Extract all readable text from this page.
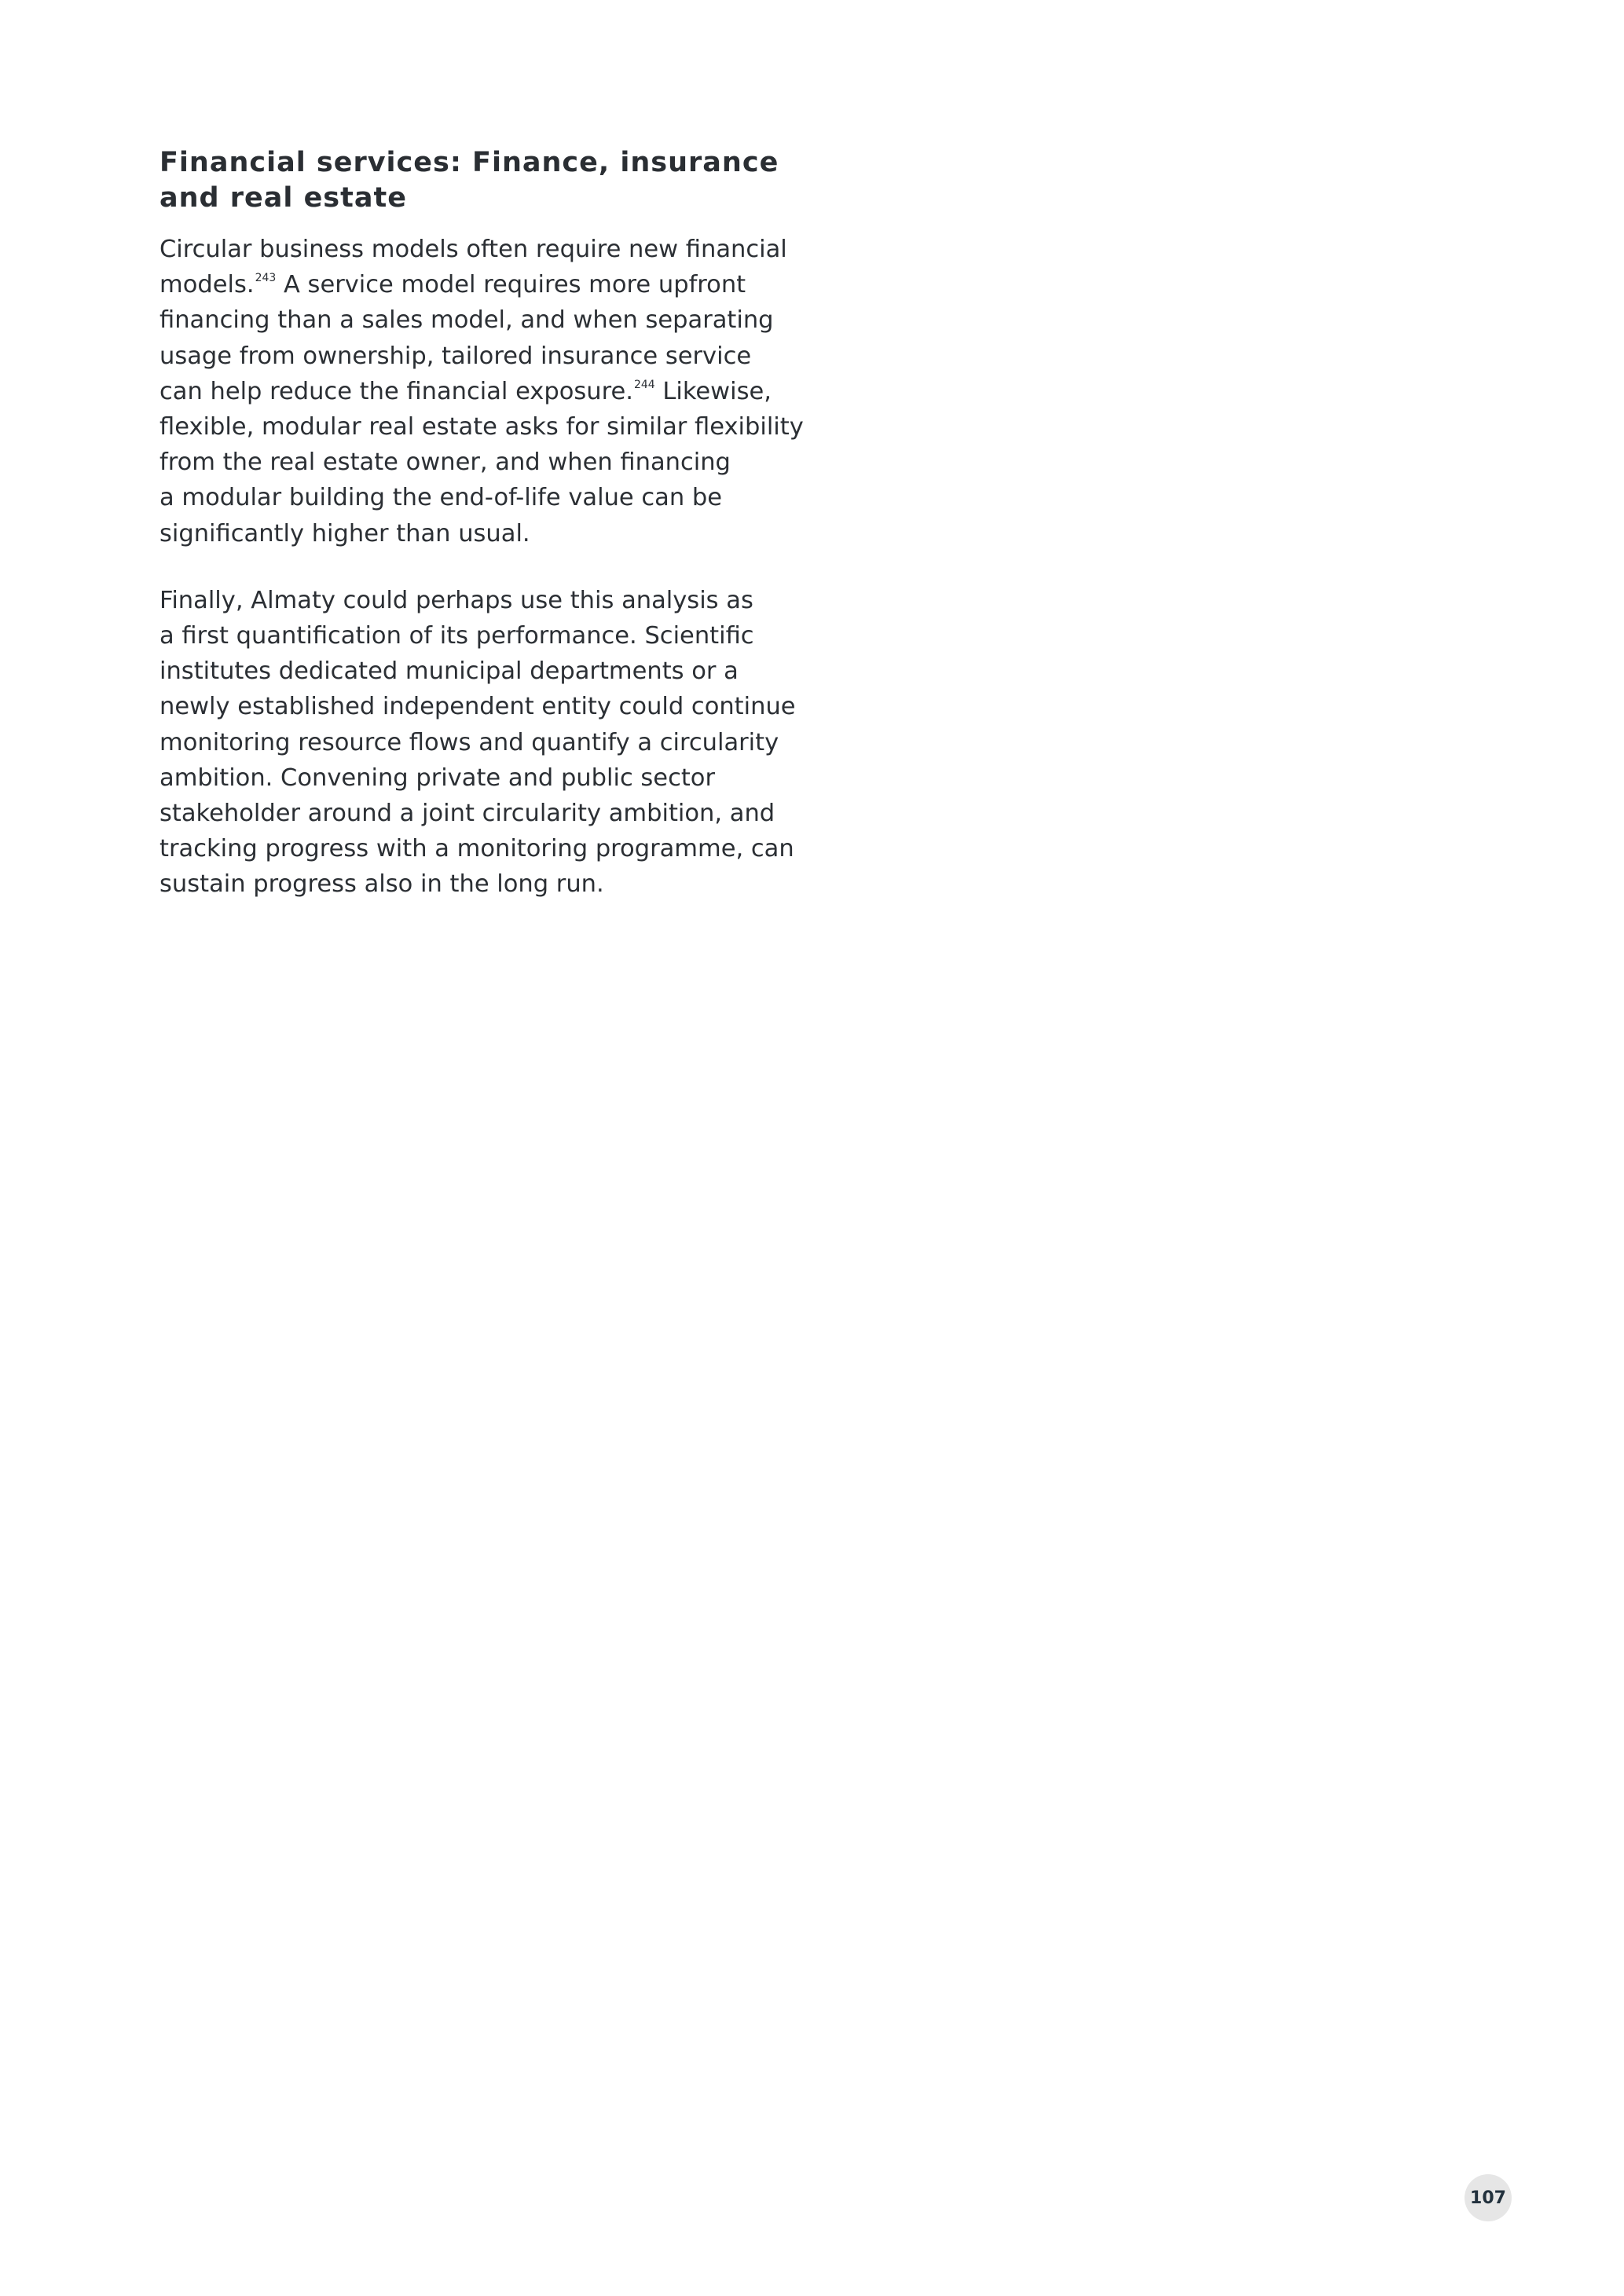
Financial services: Finance, insurance
and real estate

Circular business models often require new financial
models.$^{243}$ A service model requires more upfront
financing than a sales model, and when separating
usage from ownership, tailored insurance service
can help reduce the financial exposure.$^{244}$ Likewise,
flexible, modular real estate asks for similar flexibility
from the real estate owner, and when financing
a modular building the end-of-life value can be
significantly higher than usual.

Finally, Almaty could perhaps use this analysis as
a first quantification of its performance. Scientific
institutes dedicated municipal departments or a
newly established independent entity could continue
monitoring resource flows and quantify a circularity
ambition. Convening private and public sector
stakeholder around a joint circularity ambition, and
tracking progress with a monitoring programme, can
sustain progress also in the long run.

107
